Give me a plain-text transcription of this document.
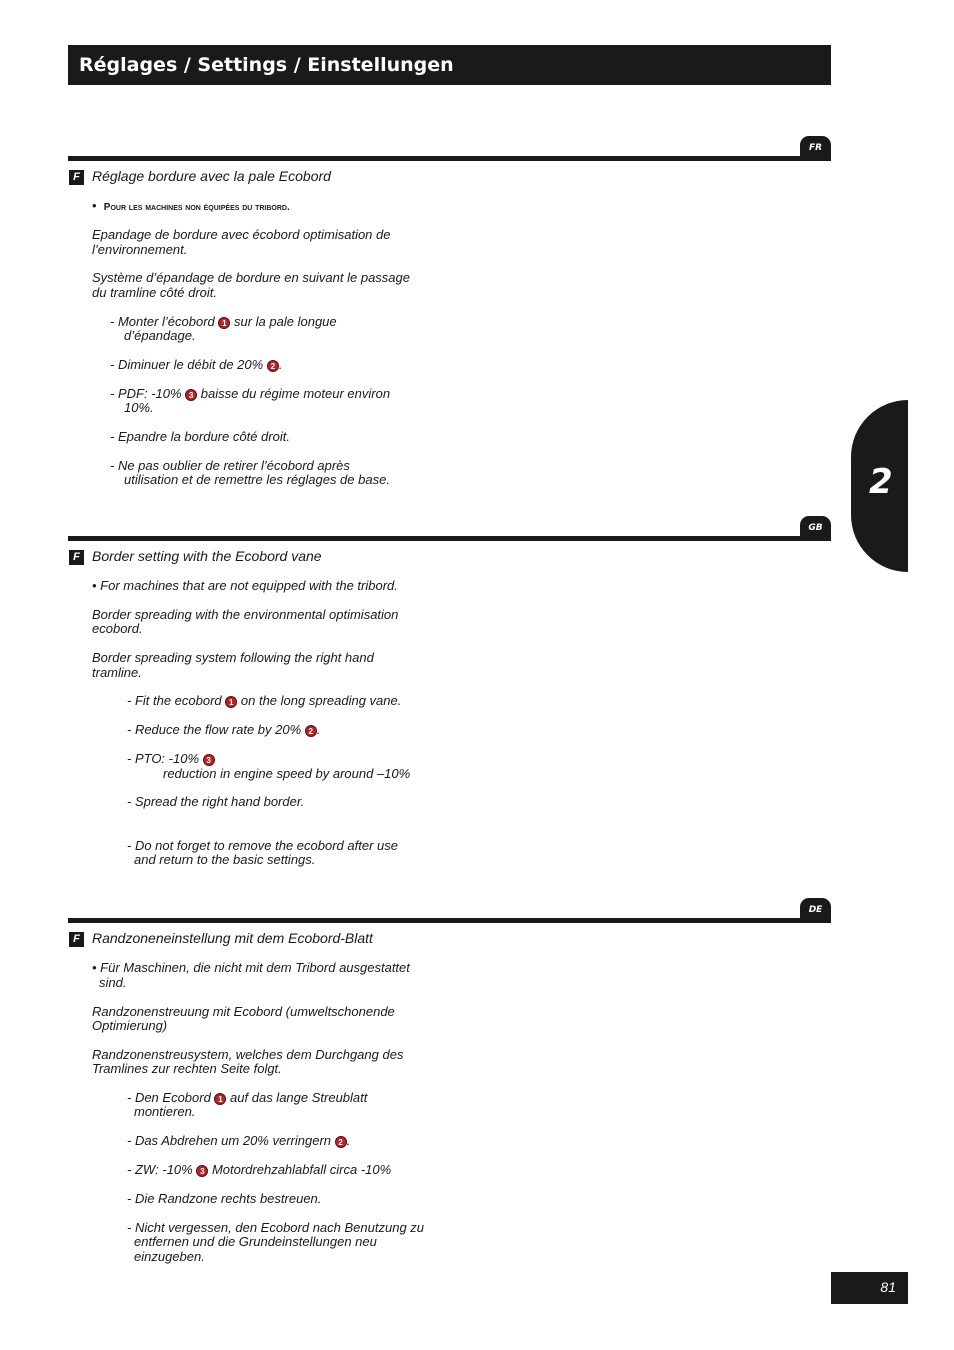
Réglages / Settings / Einstellungen
2
FR
F Réglage bordure avec la pale Ecobord
• Pour les machines non équipées du tribord.
Epandage de bordure avec écobord optimisation de
l’environnement.
Système d’épandage de bordure en suivant le passage
du tramline côté droit.
- Monter l’écobord 1 sur la pale longue
d’épandage.
- Diminuer le débit de 20% 2 .
- PDF: -10% 3 baisse du régime moteur environ
10%.
- Epandre la bordure côté droit.
- Ne pas oublier de retirer l’écobord après
utilisation et de remettre les réglages de base.
GB
F Border setting with the Ecobord vane
• For machines that are not equipped with the tribord.
Border spreading with the environmental optimisation
ecobord.
Border spreading system following the right hand
tramline.
- Fit the ecobord 1 on the long spreading vane.
- Reduce the flow rate by 20% 2 .
- PTO: -10% 3
reduction in engine speed by around –10%
- Spread the right hand border.
- Do not forget to remove the ecobord after use
and return to the basic settings.
DE
F Randzoneneinstellung mit dem Ecobord-Blatt
• Für Maschinen, die nicht mit dem Tribord ausgestattet
sind.
Randzonenstreuung mit Ecobord (umweltschonende
Optimierung)
Randzonenstreusystem, welches dem Durchgang des
Tramlines zur rechten Seite folgt.
- Den Ecobord 1 auf das lange Streublatt
montieren.
- Das Abdrehen um 20% verringern 2 .
- ZW: -10% 3 Motordrehzahlabfall circa -10%
- Die Randzone rechts bestreuen.
- Nicht vergessen, den Ecobord nach Benutzung zu
entfernen und die Grundeinstellungen neu
einzugeben.
81
